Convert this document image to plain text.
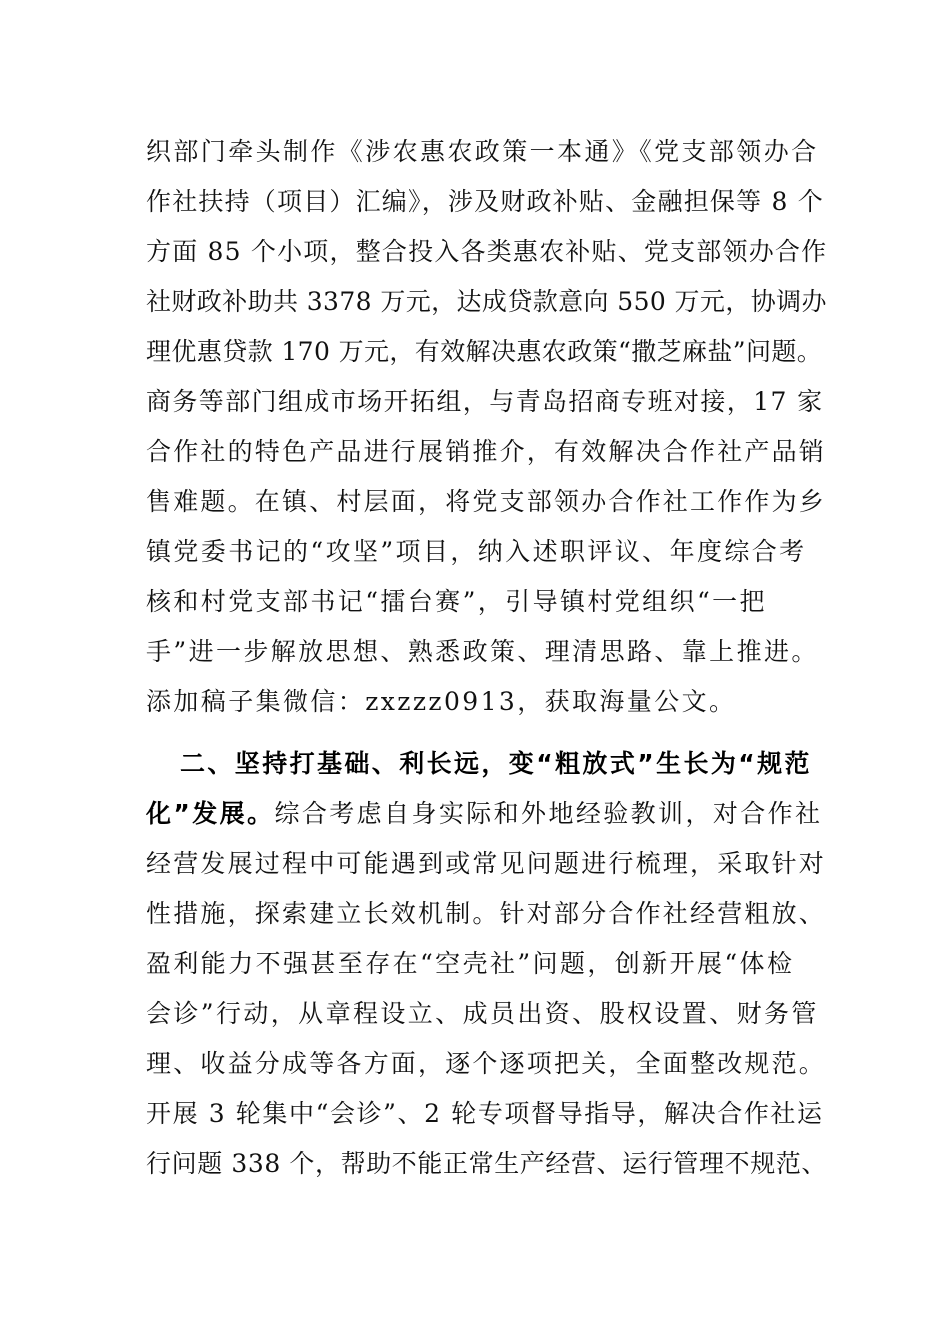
织部门牵头制作《涉农惠农政策一本通》《党支部领办合
作社扶持（项目）汇编》，涉及财政补贴、金融担保等 8 个
方面 85 个小项，整合投入各类惠农补贴、党支部领办合作
社财政补助共 3378 万元，达成贷款意向 550 万元，协调办
理优惠贷款 170 万元，有效解决惠农政策“撒芝麻盐”问题。
商务等部门组成市场开拓组，与青岛招商专班对接，17 家
合作社的特色产品进行展销推介，有效解决合作社产品销
售难题。在镇、村层面，将党支部领办合作社工作作为乡
镇党委书记的“攻坚”项目，纳入述职评议、年度综合考
核和村党支部书记“擂台赛”，引导镇村党组织“一把
手”进一步解放思想、熟悉政策、理清思路、靠上推进。
添加稿子集微信：zxzzz0913，获取海量公文。
二、坚持打基础、利长远，变“粗放式”生长为“规范
化”发展。综合考虑自身实际和外地经验教训，对合作社
经营发展过程中可能遇到或常见问题进行梳理，采取针对
性措施，探索建立长效机制。针对部分合作社经营粗放、
盈利能力不强甚至存在“空壳社”问题，创新开展“体检
会诊”行动，从章程设立、成员出资、股权设置、财务管
理、收益分成等各方面，逐个逐项把关，全面整改规范。
开展 3 轮集中“会诊”、2 轮专项督导指导，解决合作社运
行问题 338 个，帮助不能正常生产经营、运行管理不规范、
